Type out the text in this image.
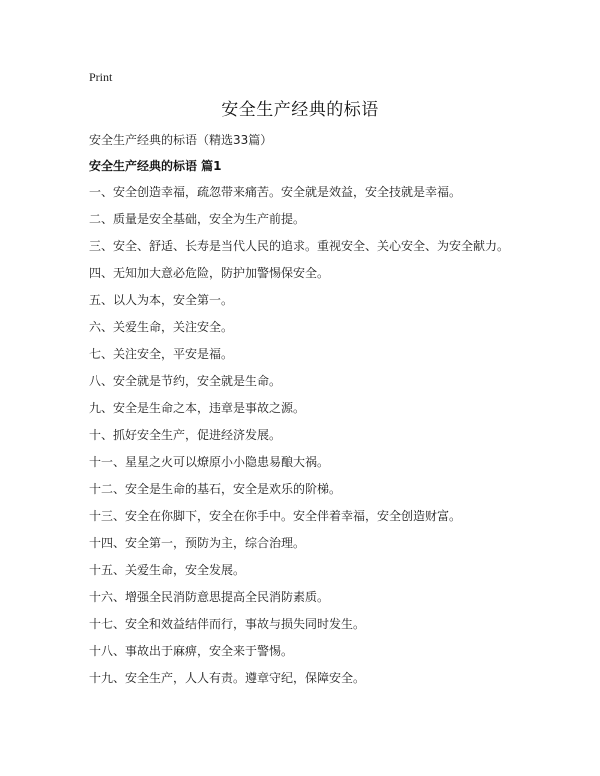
Print
安全生产经典的标语
安全生产经典的标语（精选33篇）
安全生产经典的标语 篇1
一、安全创造幸福，疏忽带来痛苦。安全就是效益，安全技就是幸福。
二、质量是安全基础，安全为生产前提。
三、安全、舒适、长寿是当代人民的追求。重视安全、关心安全、为安全献力。
四、无知加大意必危险，防护加警惕保安全。
五、以人为本，安全第一。
六、关爱生命，关注安全。
七、关注安全，平安是福。
八、安全就是节约，安全就是生命。
九、安全是生命之本，违章是事故之源。
十、抓好安全生产，促进经济发展。
十一、星星之火可以燎原小小隐患易酿大祸。
十二、安全是生命的基石，安全是欢乐的阶梯。
十三、安全在你脚下，安全在你手中。安全伴着幸福，安全创造财富。
十四、安全第一，预防为主，综合治理。
十五、关爱生命，安全发展。
十六、增强全民消防意思提高全民消防素质。
十七、安全和效益结伴而行，事故与损失同时发生。
十八、事故出于麻痹，安全来于警惕。
十九、安全生产，人人有责。遵章守纪，保障安全。
